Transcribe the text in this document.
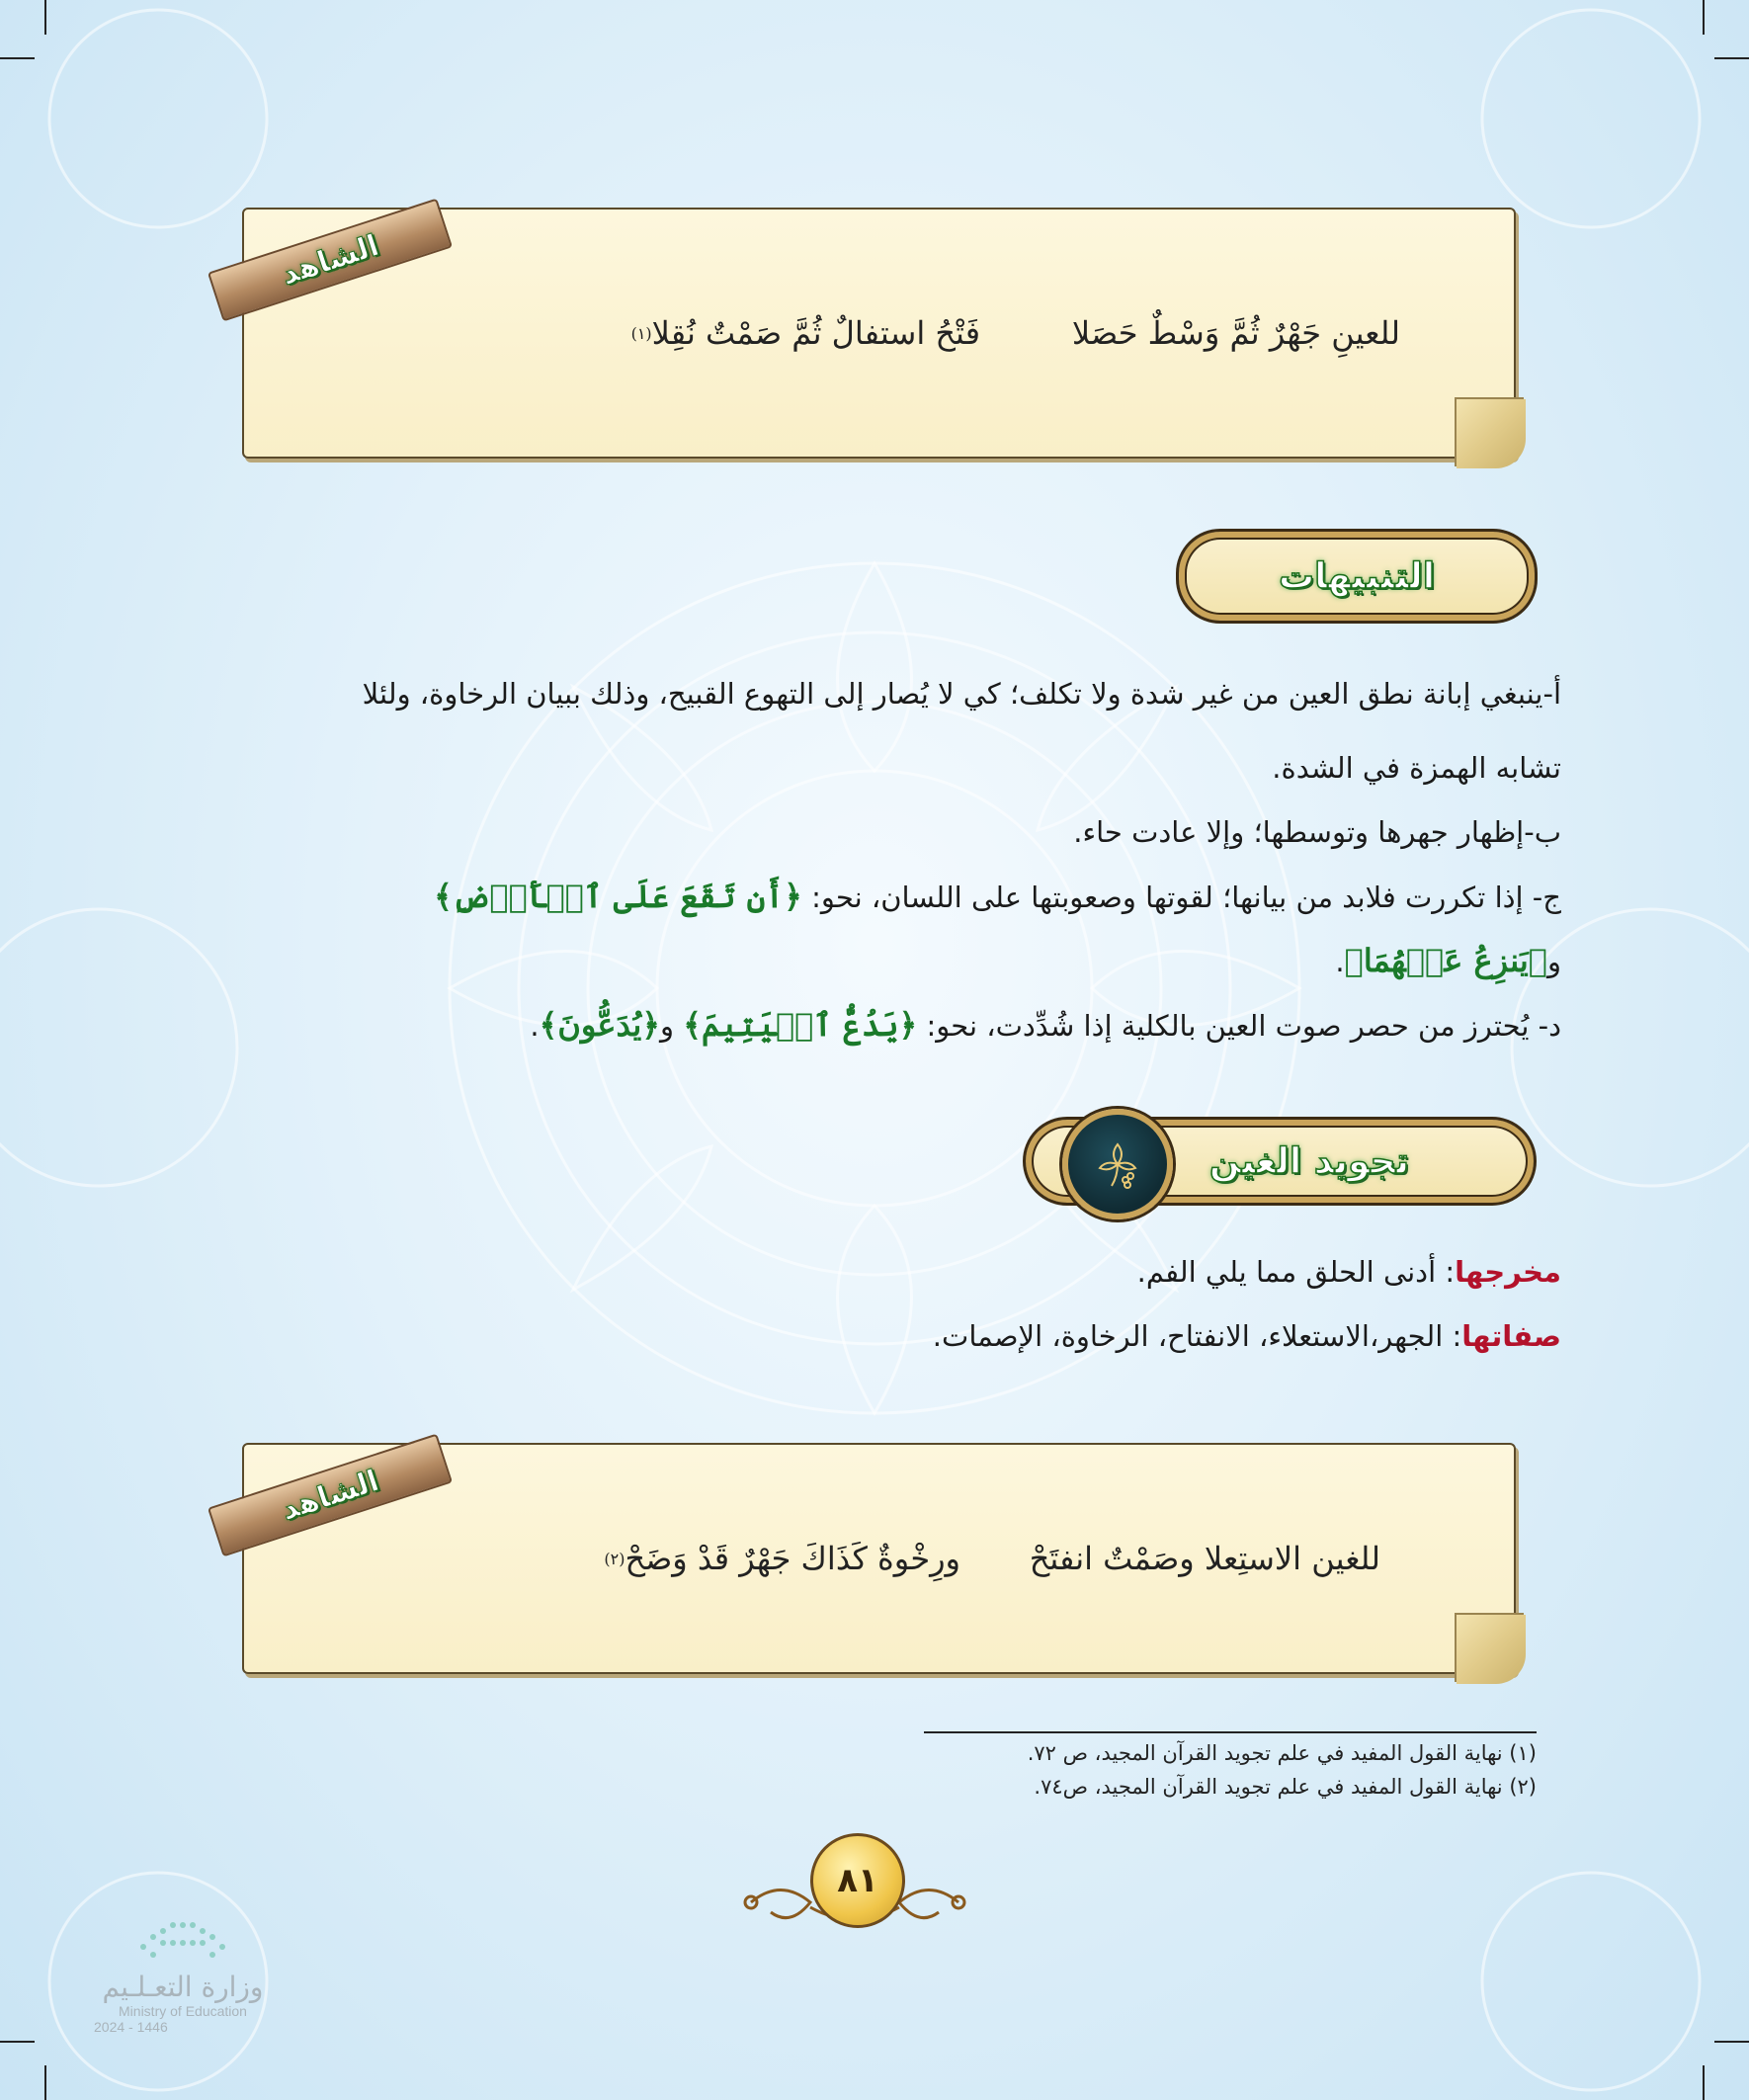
الشاهد
للعينِ جَهْرٌ ثُمَّ وَسْطٌ حَصَلا
فَتْحُ استفالٌ ثُمَّ صَمْتٌ نُقِلا
(١)
التنبيهات
أ-ينبغي إبانة نطق العين من غير شدة ولا تكلف؛ كي لا يُصار إلى التهوع القبيح، وذلك ببيان الرخاوة، ولئلا
تشابه الهمزة في الشدة.
ب-إظهار جهرها وتوسطها؛ وإلا عادت حاء.
ج- إذا تكررت فلابد من بيانها؛ لقوتها وصعوبتها على اللسان، نحو: ﴿أَن تَقَعَ عَلَى ٱلۡأَرۡضِ﴾
و﴿يَنزِعُ عَنۡهُمَا﴾.
د- يُحترز من حصر صوت العين بالكلية إذا شُدِّدت، نحو: ﴿يَدُعُّ ٱلۡيَتِيمَ﴾ و﴿يُدَعُّونَ﴾.
تجويد الغين
مخرجها: أدنى الحلق مما يلي الفم.
صفاتها: الجهر،الاستعلاء، الانفتاح، الرخاوة، الإصمات.
الشاهد
للغين الاستِعلا وصَمْتٌ انفتَحْ
ورِخْوةٌ كَذَاكَ جَهْرٌ قَدْ وَضَحْ
(٢)
(١) نهاية القول المفيد في علم تجويد القرآن المجيد، ص ٧٢.
(٢) نهاية القول المفيد في علم تجويد القرآن المجيد، ص٧٤.
٨١
وزارة التعـلـيم
Ministry of Education
2024 - 1446
